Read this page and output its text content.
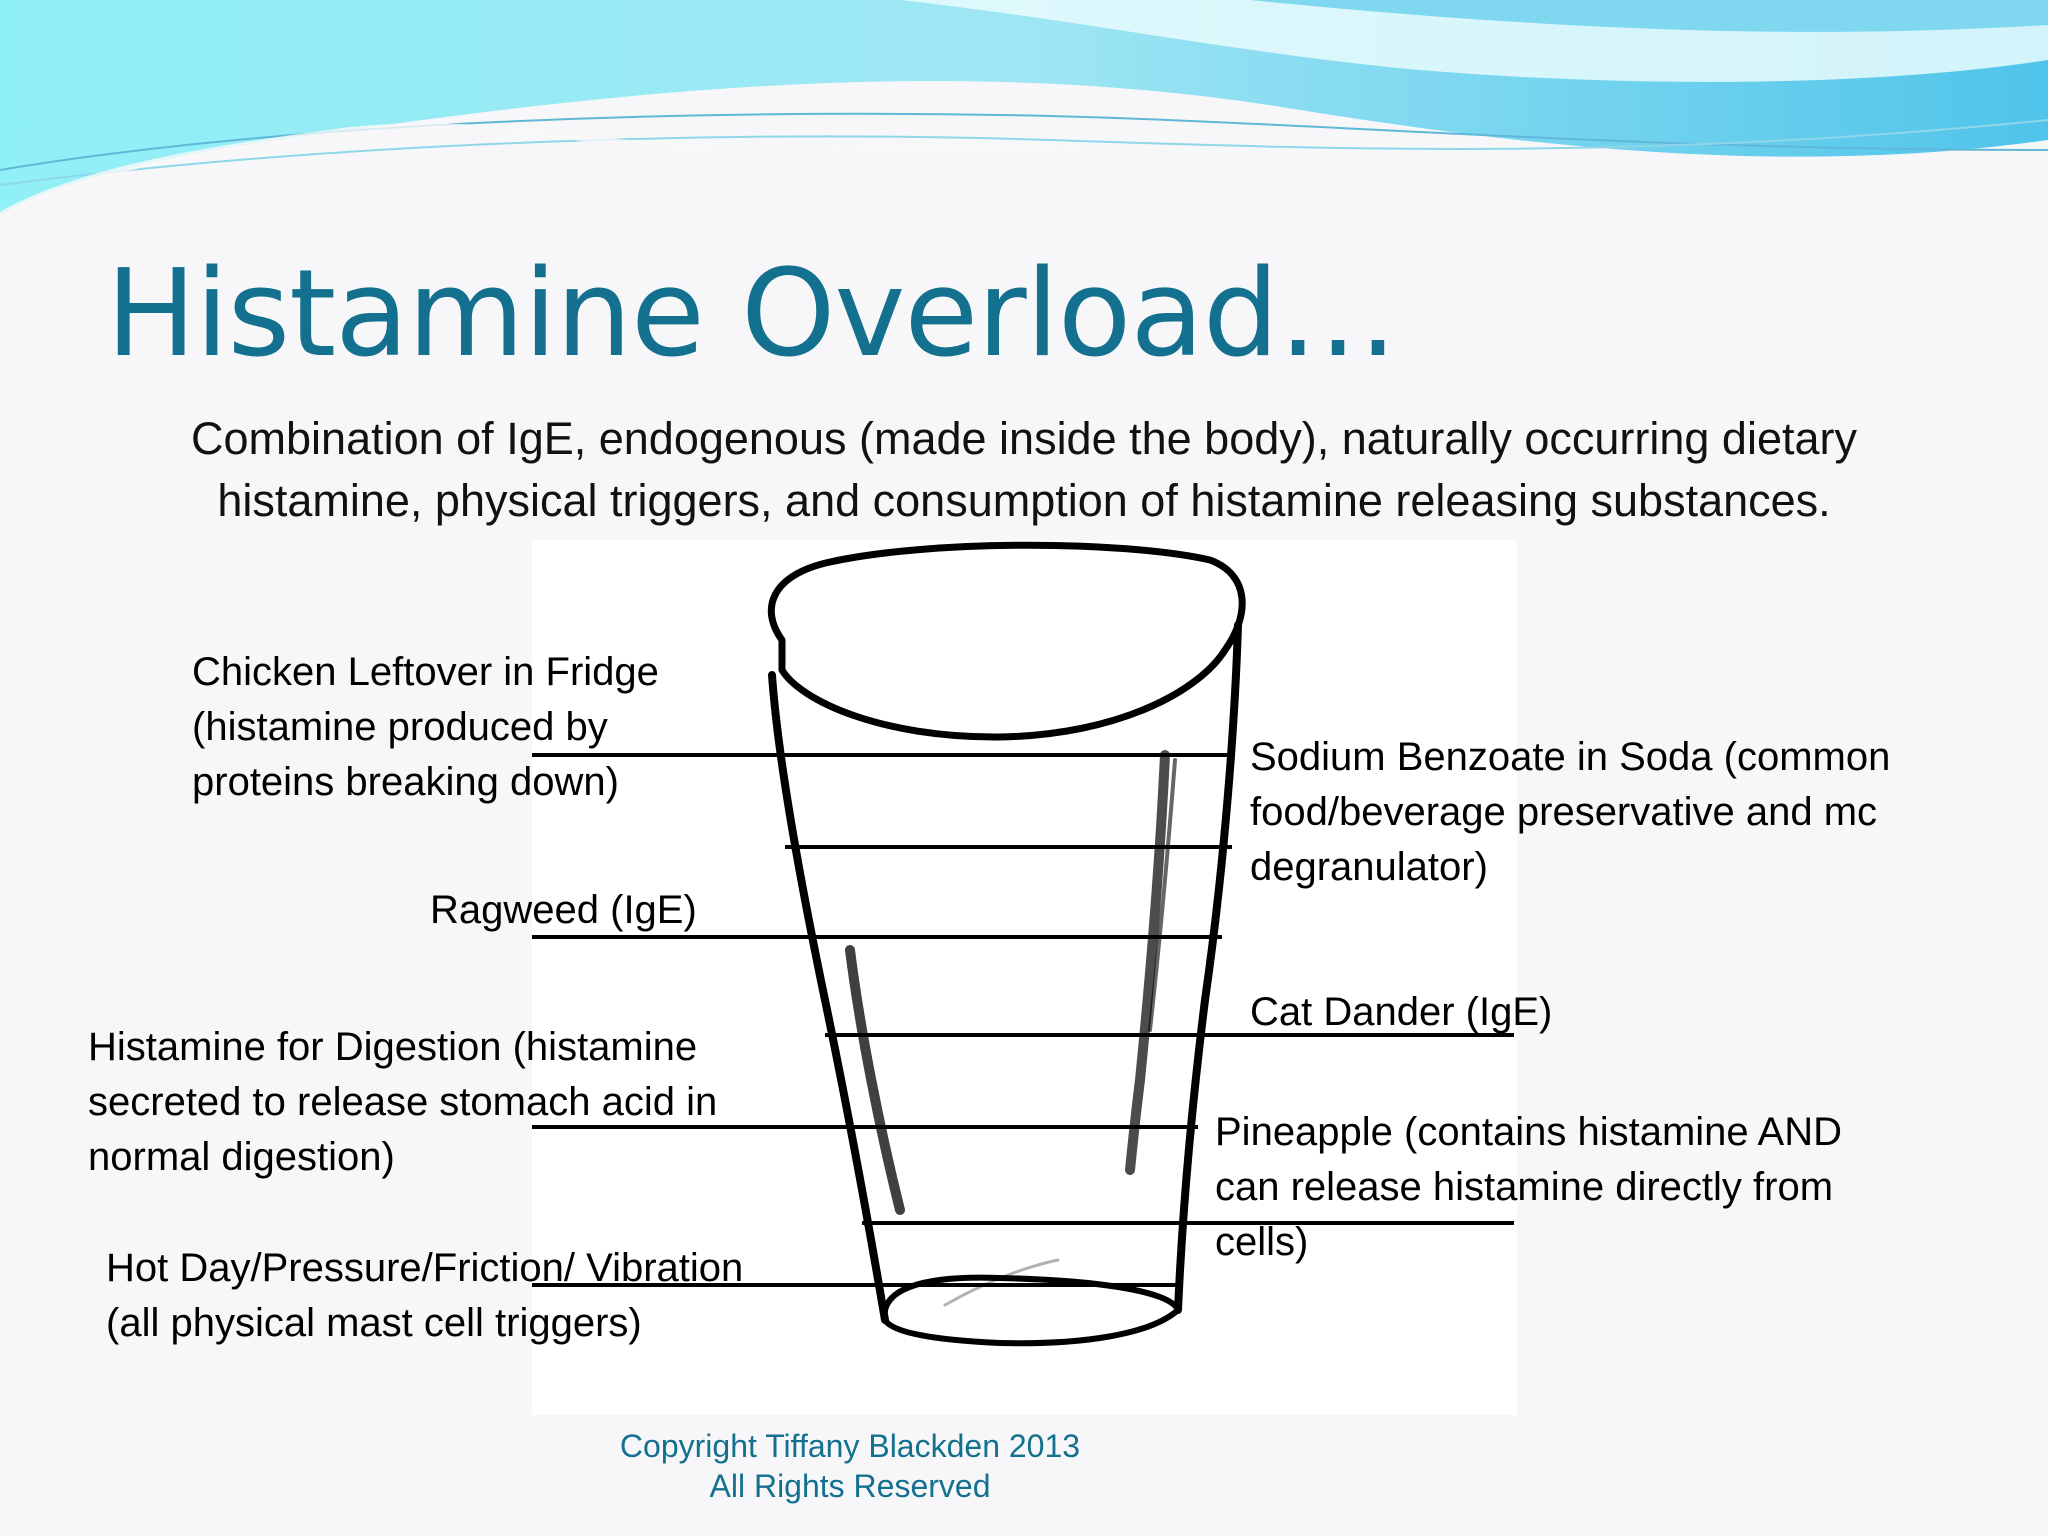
Histamine Overload…
Combination of IgE, endogenous (made inside the body), naturally occurring dietary
histamine, physical triggers, and consumption of histamine releasing substances.
Chicken Leftover in Fridge
(histamine produced by
proteins breaking down)
Ragweed (IgE)
Histamine for Digestion (histamine
secreted to release stomach acid in
normal digestion)
Hot Day/Pressure/Friction/ Vibration
(all physical mast cell triggers)
Sodium Benzoate in Soda (common
food/beverage preservative and mc
degranulator)
Cat Dander (IgE)
Pineapple (contains histamine AND
can release histamine directly from
cells)
Copyright Tiffany Blackden 2013
All Rights Reserved
